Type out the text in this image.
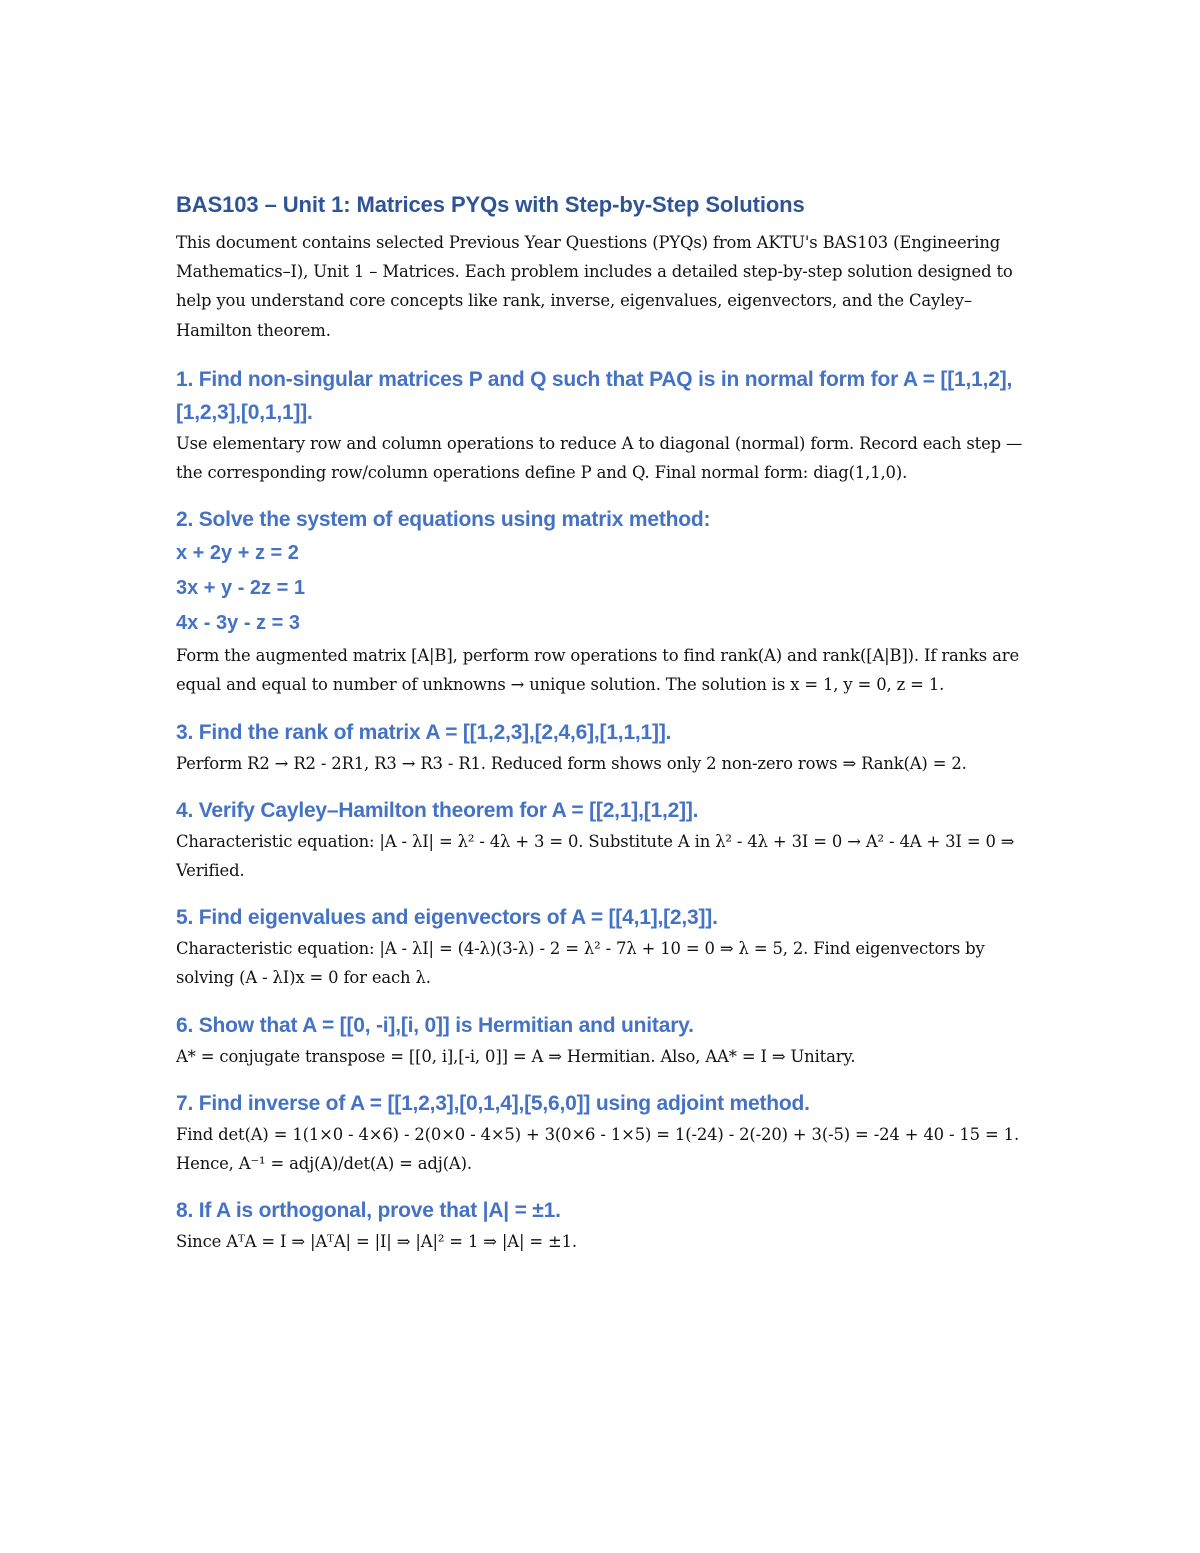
BAS103 – Unit 1: Matrices PYQs with Step-by-Step Solutions

This document contains selected Previous Year Questions (PYQs) from AKTU's BAS103 (Engineering Mathematics–I), Unit 1 – Matrices. Each problem includes a detailed step-by-step solution designed to help you understand core concepts like rank, inverse, eigenvalues, eigenvectors, and the Cayley–Hamilton theorem.

1. Find non-singular matrices P and Q such that PAQ is in normal form for A = [[1,1,2],[1,2,3],[0,1,1]].

Use elementary row and column operations to reduce A to diagonal (normal) form. Record each step — the corresponding row/column operations define P and Q. Final normal form: diag(1,1,0).

2. Solve the system of equations using matrix method:

x + 2y + z = 2

3x + y - 2z = 1

4x - 3y - z = 3

Form the augmented matrix [A|B], perform row operations to find rank(A) and rank([A|B]). If ranks are equal and equal to number of unknowns → unique solution. The solution is x = 1, y = 0, z = 1.

3. Find the rank of matrix A = [[1,2,3],[2,4,6],[1,1,1]].

Perform R2 → R2 - 2R1, R3 → R3 - R1. Reduced form shows only 2 non-zero rows ⇒ Rank(A) = 2.

4. Verify Cayley–Hamilton theorem for A = [[2,1],[1,2]].

Characteristic equation: |A - λI| = λ² - 4λ + 3 = 0. Substitute A in λ² - 4λ + 3I = 0 → A² - 4A + 3I = 0 ⇒ Verified.

5. Find eigenvalues and eigenvectors of A = [[4,1],[2,3]].

Characteristic equation: |A - λI| = (4-λ)(3-λ) - 2 = λ² - 7λ + 10 = 0 ⇒ λ = 5, 2. Find eigenvectors by solving (A - λI)x = 0 for each λ.

6. Show that A = [[0, -i],[i, 0]] is Hermitian and unitary.

A* = conjugate transpose = [[0, i],[-i, 0]] = A ⇒ Hermitian. Also, AA* = I ⇒ Unitary.

7. Find inverse of A = [[1,2,3],[0,1,4],[5,6,0]] using adjoint method.

Find det(A) = 1(1×0 - 4×6) - 2(0×0 - 4×5) + 3(0×6 - 1×5) = 1(-24) - 2(-20) + 3(-5) = -24 + 40 - 15 = 1. Hence, A⁻¹ = adj(A)/det(A) = adj(A).

8. If A is orthogonal, prove that |A| = ±1.

Since AᵀA = I ⇒ |AᵀA| = |I| ⇒ |A|² = 1 ⇒ |A| = ±1.
